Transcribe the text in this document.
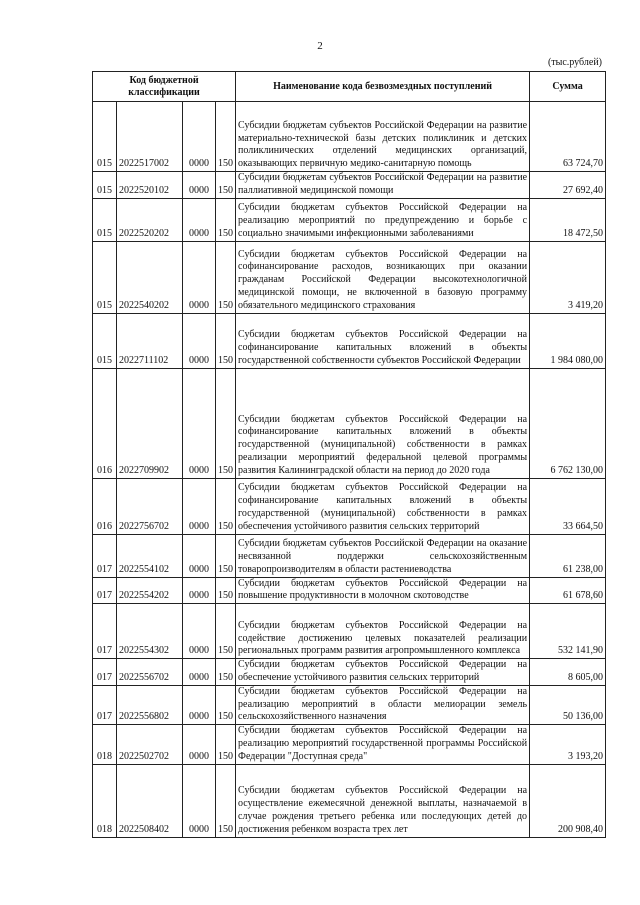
2
(тыс.рублей)
Код бюджетной классификации				Наименование кода безвозмездных поступлений	Сумма
015	2022517002	0000	150	Субсидии бюджетам субъектов Российской Федерации на развитие материально-технической базы детских поликлиник и детских поликлинических отделений медицинских организаций, оказывающих первичную медико-санитарную помощь	63 724,70
015	2022520102	0000	150	Субсидии бюджетам субъектов Российской Федерации на развитие паллиативной медицинской помощи	27 692,40
015	2022520202	0000	150	Субсидии бюджетам субъектов Российской Федерации на реализацию мероприятий по предупреждению и борьбе с социально значимыми инфекционными заболеваниями	18 472,50
015	2022540202	0000	150	Субсидии бюджетам субъектов Российской Федерации на софинансирование расходов, возникающих при оказании гражданам Российской Федерации высокотехнологичной медицинской помощи, не включенной в базовую программу обязательного медицинского страхования	3 419,20
015	2022711102	0000	150	Субсидии бюджетам субъектов Российской Федерации на софинансирование капитальных вложений в объекты государственной собственности субъектов Российской Федерации	1 984 080,00
016	2022709902	0000	150	Субсидии бюджетам субъектов Российской Федерации на софинансирование капитальных вложений в объекты государственной (муниципальной) собственности в рамках реализации мероприятий федеральной целевой программы развития Калининградской области на период до 2020 года	6 762 130,00
016	2022756702	0000	150	Субсидии бюджетам субъектов Российской Федерации на софинансирование капитальных вложений в объекты государственной (муниципальной) собственности в рамках обеспечения устойчивого развития сельских территорий	33 664,50
017	2022554102	0000	150	Субсидии бюджетам субъектов Российской Федерации на оказание несвязанной поддержки сельскохозяйственным товаропроизводителям в области растениеводства	61 238,00
017	2022554202	0000	150	Субсидии бюджетам субъектов Российской Федерации на повышение продуктивности в молочном скотоводстве	61 678,60
017	2022554302	0000	150	Субсидии бюджетам субъектов Российской Федерации на содействие достижению целевых показателей реализации региональных программ развития агропромышленного комплекса	532 141,90
017	2022556702	0000	150	Субсидии бюджетам субъектов Российской Федерации на обеспечение устойчивого развития сельских территорий	8 605,00
017	2022556802	0000	150	Субсидии бюджетам субъектов Российской Федерации на реализацию мероприятий в области мелиорации земель сельскохозяйственного назначения	50 136,00
018	2022502702	0000	150	Субсидии бюджетам субъектов Российской Федерации на реализацию мероприятий государственной программы Российской Федерации "Доступная среда"	3 193,20
018	2022508402	0000	150	Субсидии бюджетам субъектов Российской Федерации на осуществление ежемесячной денежной выплаты, назначаемой в случае рождения третьего ребенка или последующих детей до достижения ребенком возраста трех лет	200 908,40
